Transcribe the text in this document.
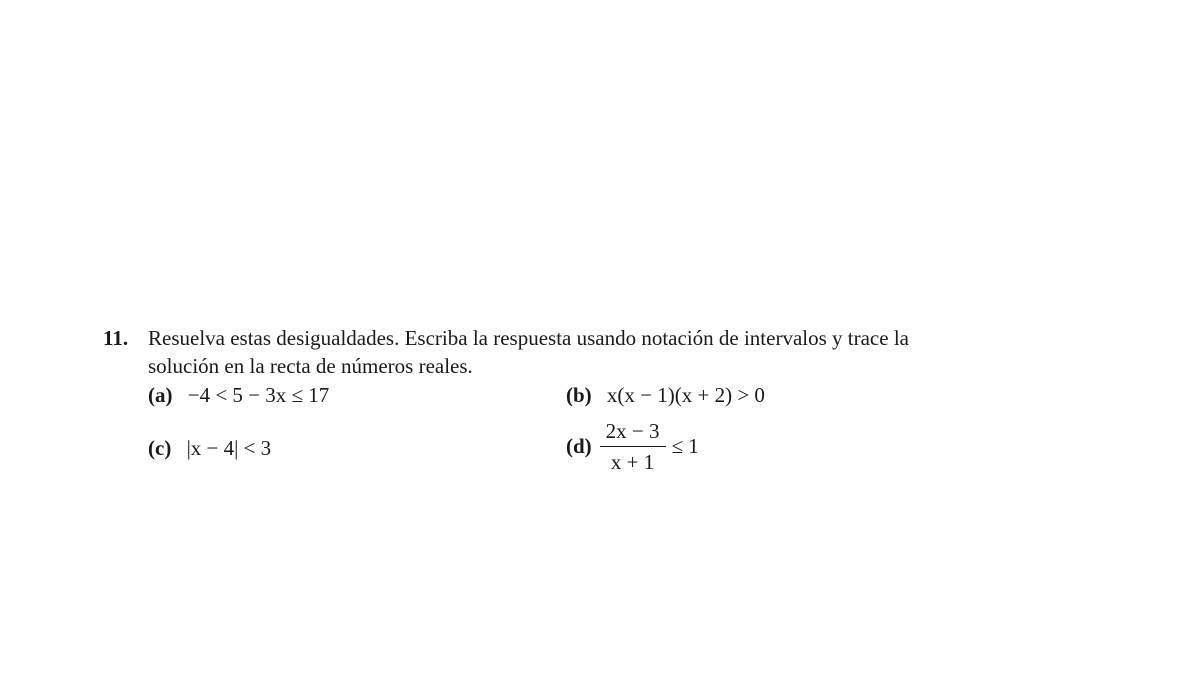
11. Resuelva estas desigualdades. Escriba la respuesta usando notación de intervalos y trace la
solución en la recta de números reales.
(a) −4 < 5 − 3x ≤ 17	(b) x(x − 1)(x + 2) > 0
(c) |x − 4| < 3	$(d) \frac{2x - 3}{x + 1} \le 1$
